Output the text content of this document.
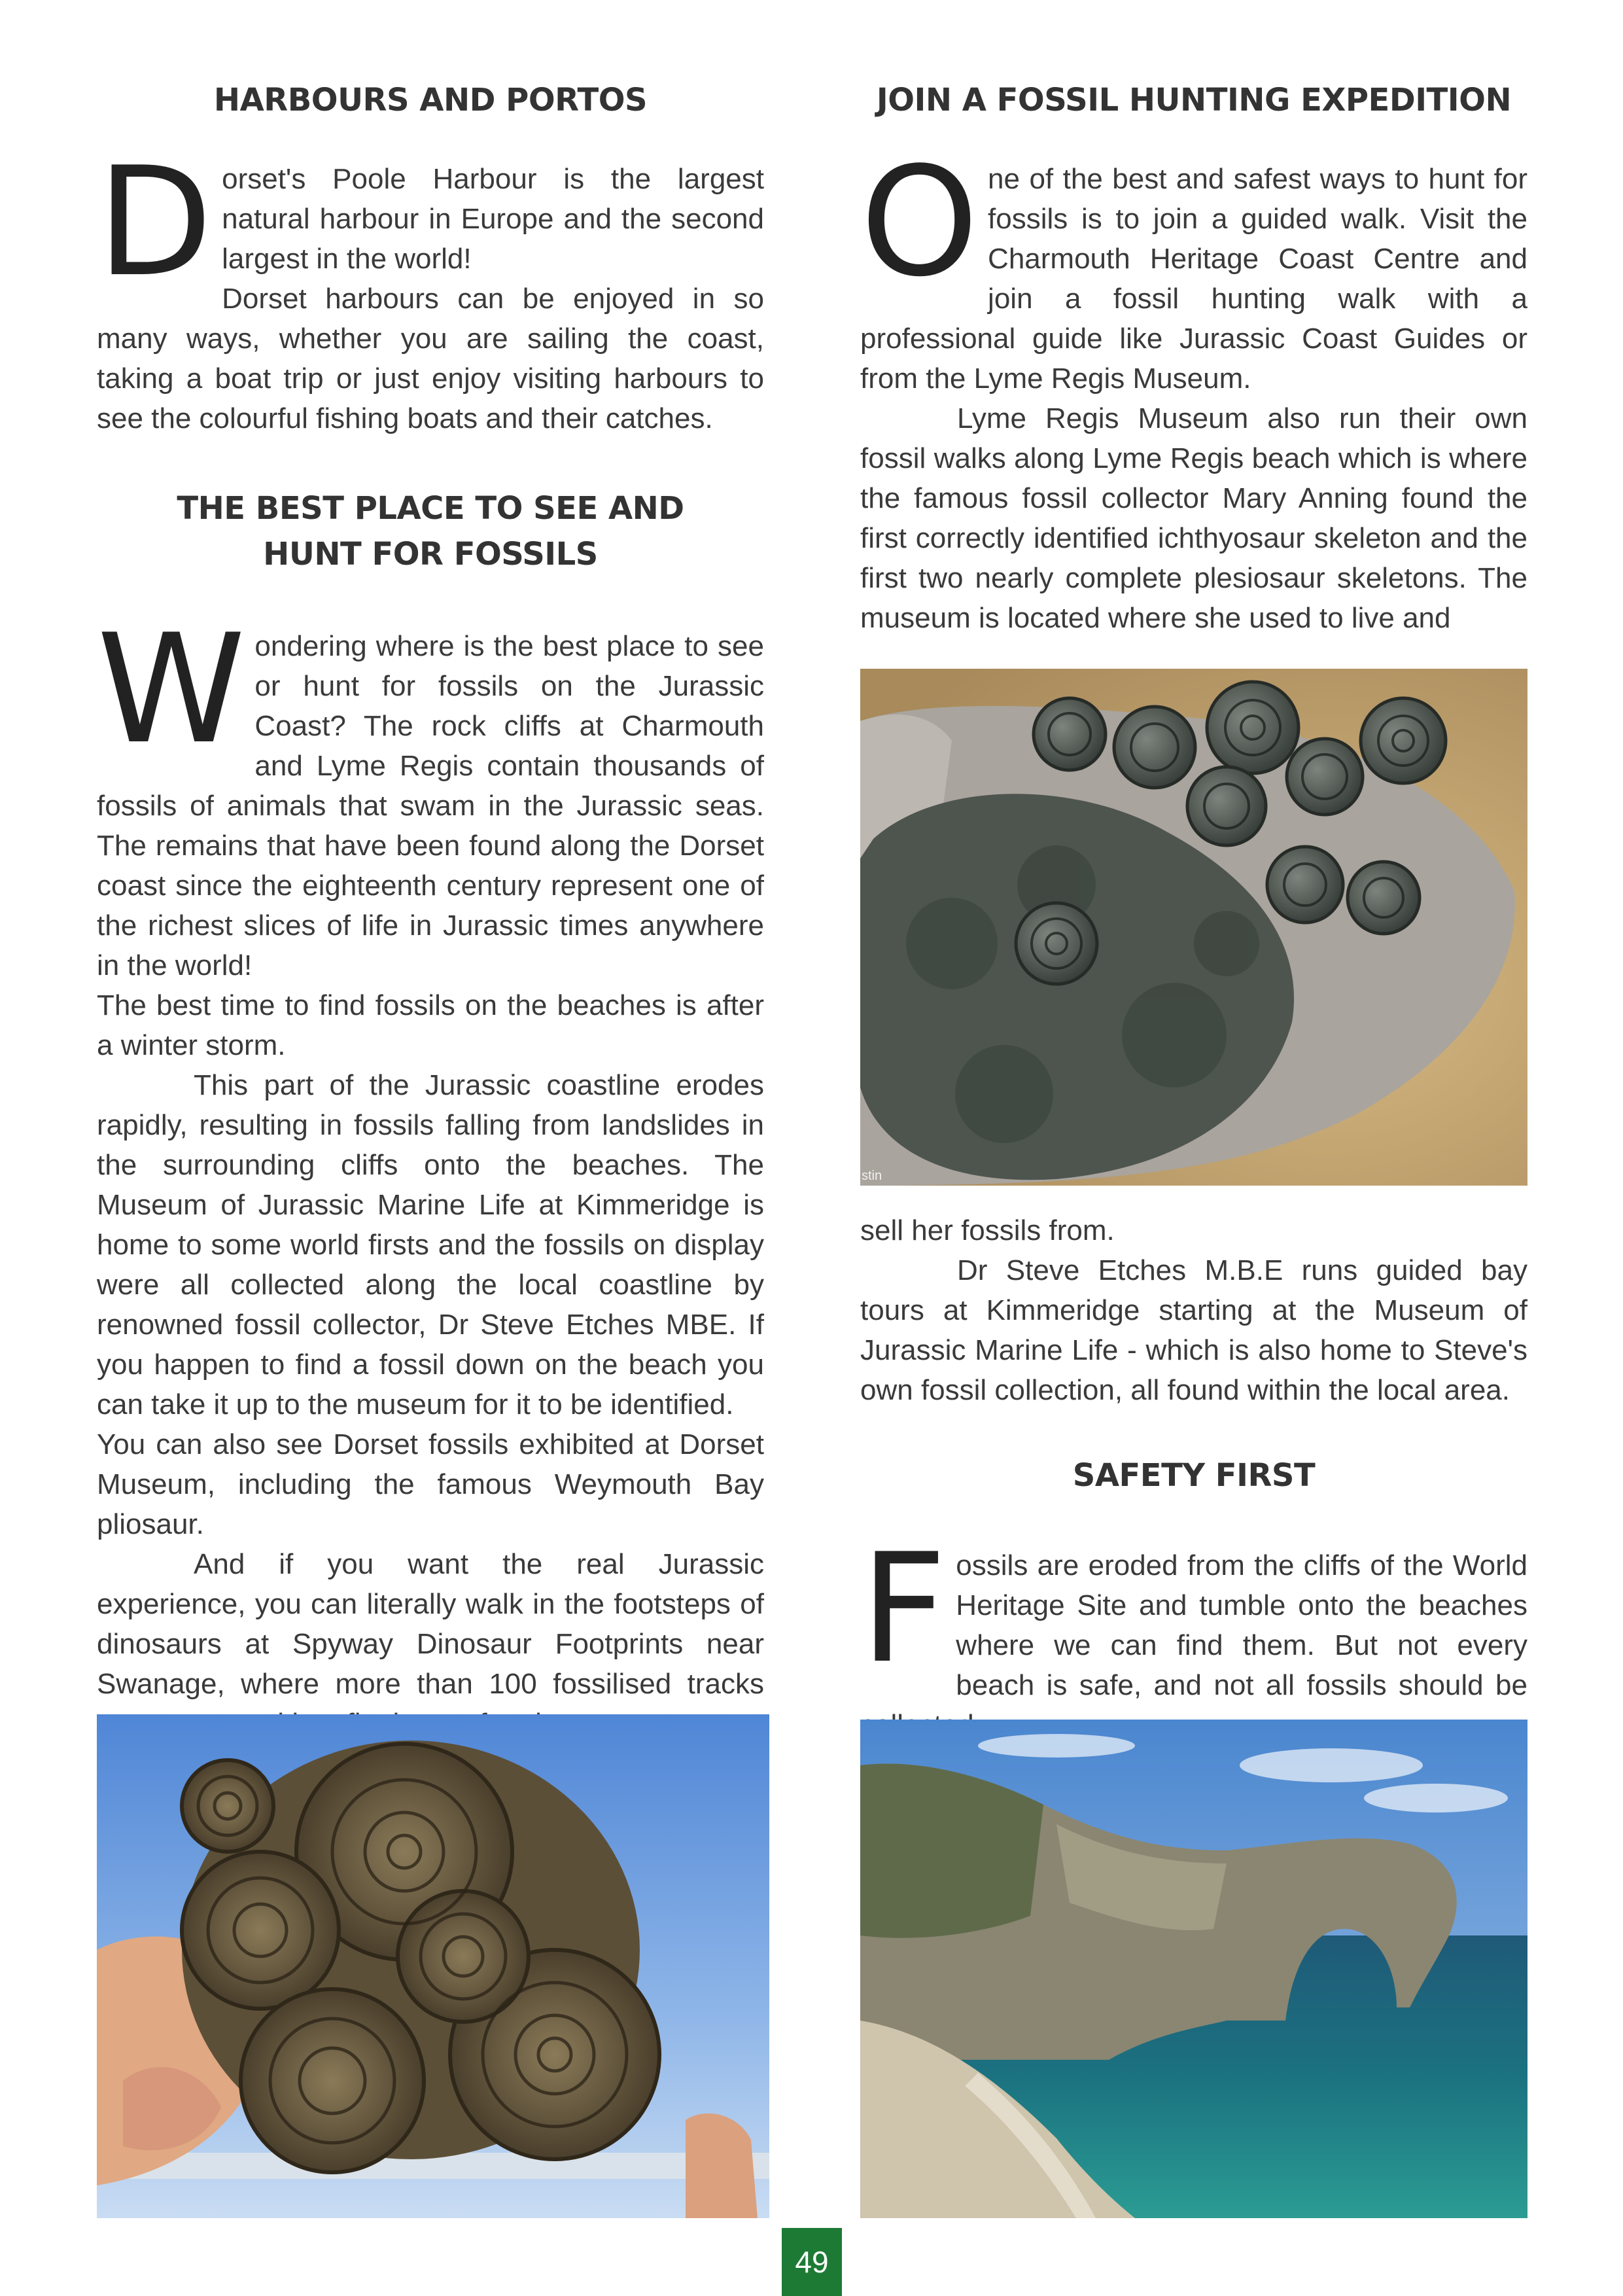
HARBOURS AND PORTOS

D orset's Poole Harbour is the largest natural harbour in Europe and the second largest in the world!

Dorset harbours can be enjoyed in so many ways, whether you are sailing the coast, taking a boat trip or just enjoy visiting harbours to see the colourful fishing boats and their catches.

THE BEST PLACE TO SEE AND
HUNT FOR FOSSILS

W ondering where is the best place to see or hunt for fossils on the Jurassic Coast? The rock cliffs at Charmouth and Lyme Regis contain thousands of fossils of animals that swam in the Jurassic seas. The remains that have been found along the Dorset coast since the eighteenth century represent one of the richest slices of life in Jurassic times anywhere in the world!

The best time to find fossils on the beaches is after a winter storm.

This part of the Jurassic coastline erodes rapidly, resulting in fossils falling from landslides in the surrounding cliffs onto the beaches. The Museum of Jurassic Marine Life at Kimmeridge is home to some world firsts and the fossils on display were all collected along the local coastline by renowned fossil collector, Dr Steve Etches MBE. If you happen to find a fossil down on the beach you can take it up to the museum for it to be identified.

You can also see Dorset fossils exhibited at Dorset Museum, including the famous Weymouth Bay pliosaur.

And if you want the real Jurassic experience, you can literally walk in the footsteps of dinosaurs at Spyway Dinosaur Footprints near Swanage, where more than 100 fossilised tracks

JOIN A FOSSIL HUNTING EXPEDITION

O ne of the best and safest ways to hunt for fossils is to join a guided walk. Visit the Charmouth Heritage Coast Centre and join a fossil hunting walk with a professional guide like Jurassic Coast Guides or from the Lyme Regis Museum.

Lyme Regis Museum also run their own fossil walks along Lyme Regis beach which is where the famous fossil collector Mary Anning found the first correctly identified ichthyosaur skeleton and the first two nearly complete plesiosaur skeletons. The museum is located where she used to live and

sell her fossils from.

Dr Steve Etches M.B.E runs guided bay tours at Kimmeridge starting at the Museum of Jurassic Marine Life - which is also home to Steve's own fossil collection, all found within the local area.

SAFETY FIRST

F ossils are eroded from the cliffs of the World Heritage Site and tumble onto the beaches where we can find them. But not every beach is safe, and not all fossils should be

stin
49
